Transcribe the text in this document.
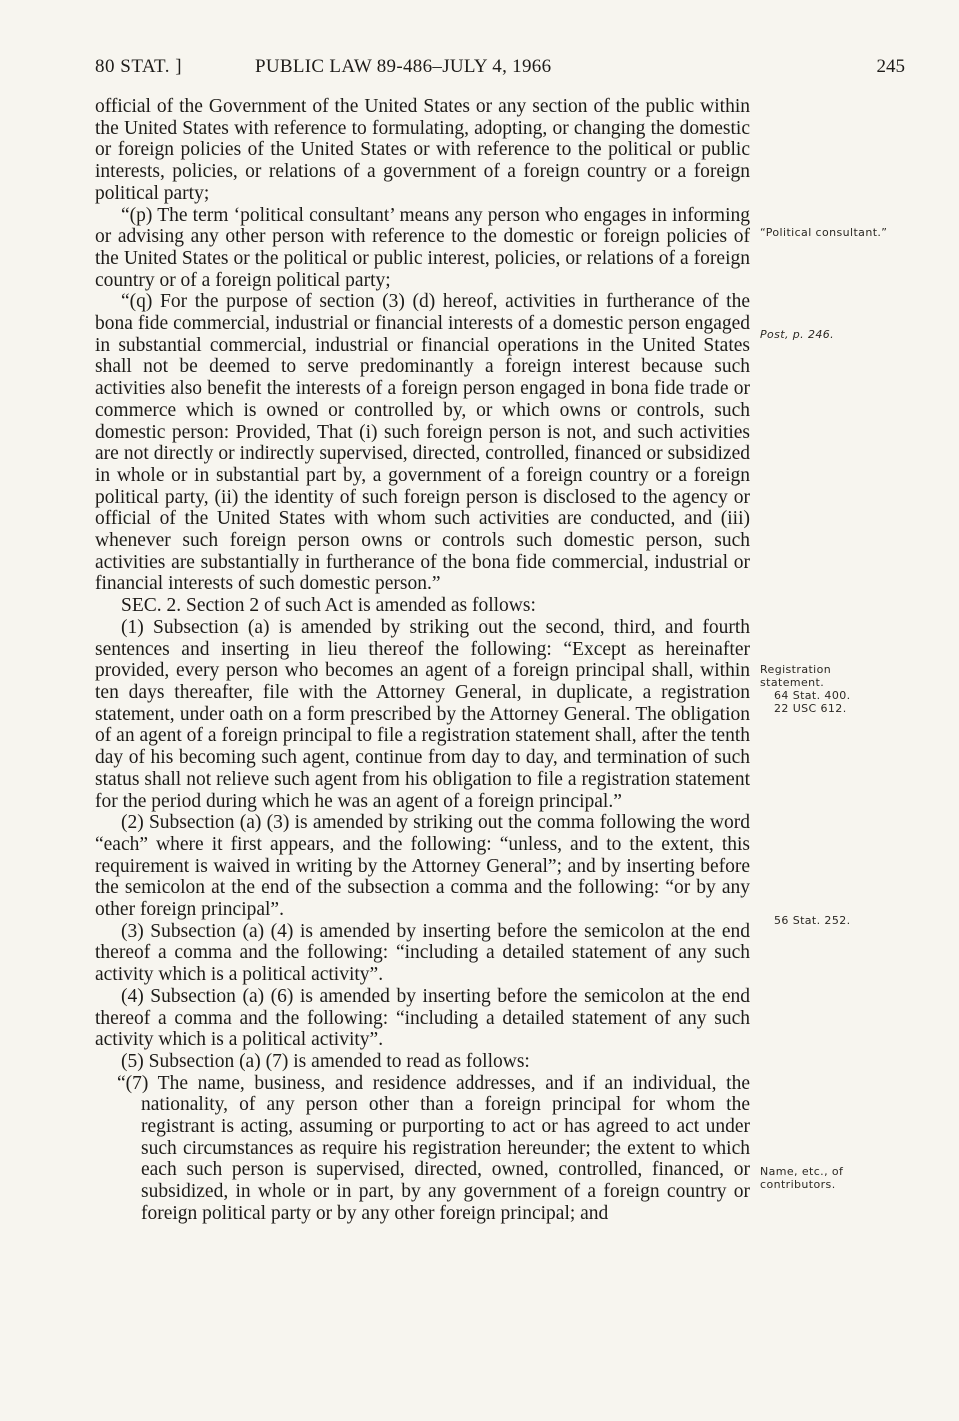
80 STAT. ]	PUBLIC LAW 89-486–JULY 4, 1966	245

official of the Government of the United States or any section of the public within the United States with reference to formulating, adopting, or changing the domestic or foreign policies of the United States or with reference to the political or public interests, policies, or relations of a government of a foreign country or a foreign political party;

“(p) The term ‘political consultant’ means any person who engages in informing or advising any other person with reference to the domestic or foreign policies of the United States or the political or public interest, policies, or relations of a foreign country or of a foreign political party;

“(q) For the purpose of section (3) (d) hereof, activities in furtherance of the bona fide commercial, industrial or financial interests of a domestic person engaged in substantial commercial, industrial or financial operations in the United States shall not be deemed to serve predominantly a foreign interest because such activities also benefit the interests of a foreign person engaged in bona fide trade or commerce which is owned or controlled by, or which owns or controls, such domestic person: Provided, That (i) such foreign person is not, and such activities are not directly or indirectly supervised, directed, controlled, financed or subsidized in whole or in substantial part by, a government of a foreign country or a foreign political party, (ii) the identity of such foreign person is disclosed to the agency or official of the United States with whom such activities are conducted, and (iii) whenever such foreign person owns or controls such domestic person, such activities are substantially in furtherance of the bona fide commercial, industrial or financial interests of such domestic person.”

SEC. 2. Section 2 of such Act is amended as follows:

(1) Subsection (a) is amended by striking out the second, third, and fourth sentences and inserting in lieu thereof the following: “Except as hereinafter provided, every person who becomes an agent of a foreign principal shall, within ten days thereafter, file with the Attorney General, in duplicate, a registration statement, under oath on a form prescribed by the Attorney General. The obligation of an agent of a foreign principal to file a registration statement shall, after the tenth day of his becoming such agent, continue from day to day, and termination of such status shall not relieve such agent from his obligation to file a registration statement for the period during which he was an agent of a foreign principal.”

(2) Subsection (a) (3) is amended by striking out the comma following the word “each” where it first appears, and the following: “unless, and to the extent, this requirement is waived in writing by the Attorney General”; and by inserting before the semicolon at the end of the subsection a comma and the following: “or by any other foreign principal”.

(3) Subsection (a) (4) is amended by inserting before the semicolon at the end thereof a comma and the following: “including a detailed statement of any such activity which is a political activity”.

(4) Subsection (a) (6) is amended by inserting before the semicolon at the end thereof a comma and the following: “including a detailed statement of any such activity which is a political activity”.

(5) Subsection (a) (7) is amended to read as follows:

“(7) The name, business, and residence addresses, and if an individual, the nationality, of any person other than a foreign principal for whom the registrant is acting, assuming or purporting to act or has agreed to act under such circumstances as require his registration hereunder; the extent to which each such person is supervised, directed, owned, controlled, financed, or subsidized, in whole or in part, by any government of a foreign country or foreign political party or by any other foreign principal; and

“Political consultant.”
Post, p. 246.
Registration statement.
64 Stat. 400.
22 USC 612.
56 Stat. 252.
Name, etc., of contributors.
